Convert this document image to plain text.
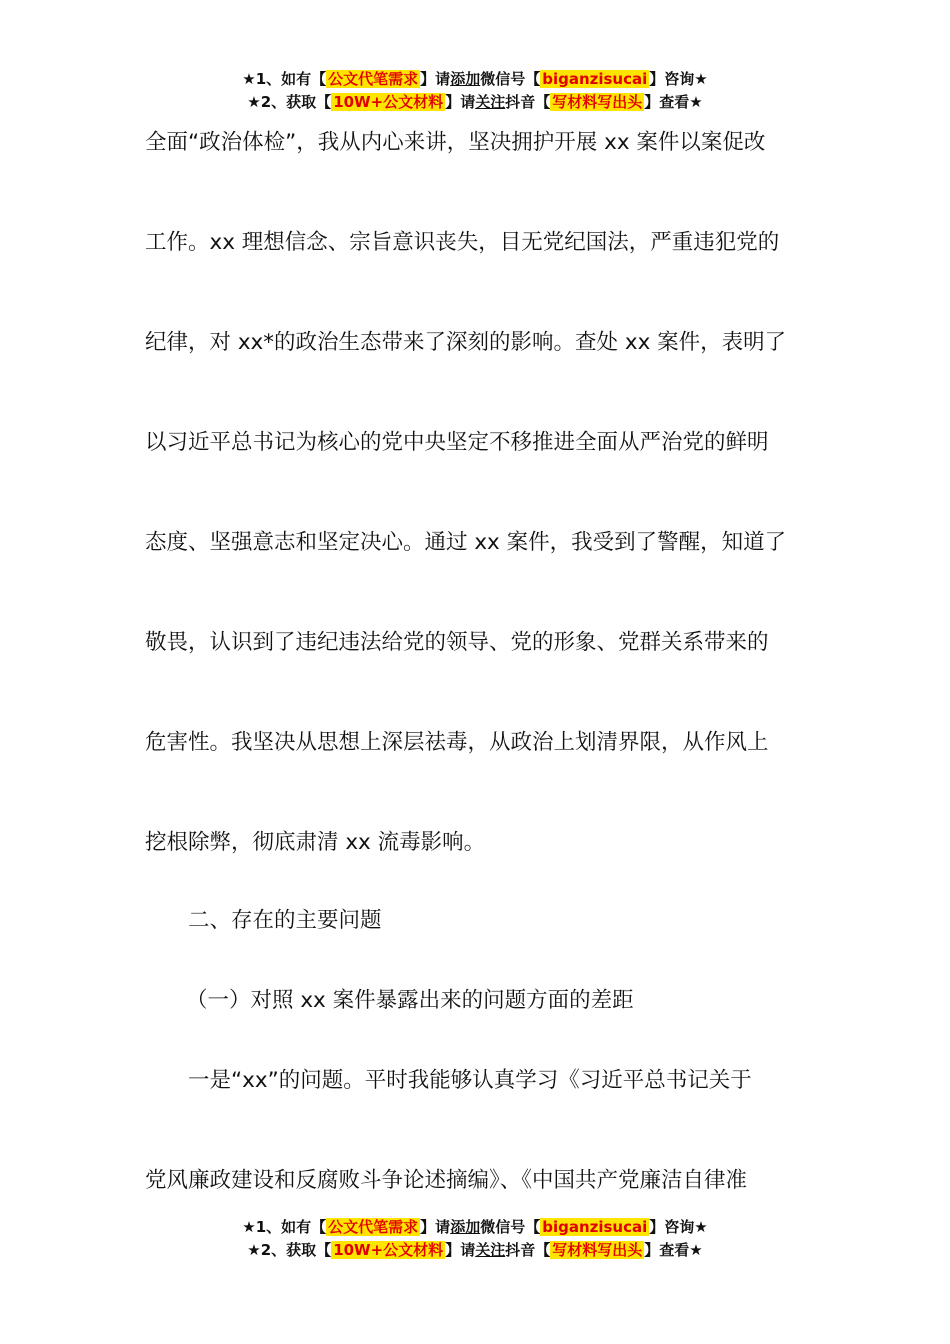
★1、如有【 公文代笔需求 】请添加微信号【 biganzisucai 】咨询★
★2、获取【 10W+公文材料 】请关注抖音【 写材料写出头 】查看★
全面“政治体检”，我从内心来讲，坚决拥护开展 xx 案件以案促改
工作。xx 理想信念、宗旨意识丧失，目无党纪国法，严重违犯党的
纪律，对 xx*的政治生态带来了深刻的影响。查处 xx 案件，表明了
以习近平总书记为核心的党中央坚定不移推进全面从严治党的鲜明
态度、坚强意志和坚定决心。通过 xx 案件，我受到了警醒，知道了
敬畏，认识到了违纪违法给党的领导、党的形象、党群关系带来的
危害性。我坚决从思想上深层祛毒，从政治上划清界限，从作风上
挖根除弊，彻底肃清 xx 流毒影响。
二、存在的主要问题
（一）对照 xx 案件暴露出来的问题方面的差距
一是“xx”的问题。平时我能够认真学习《习近平总书记关于
党风廉政建设和反腐败斗争论述摘编》、《中国共产党廉洁自律准
★1、如有【 公文代笔需求 】请添加微信号【 biganzisucai 】咨询★
★2、获取【 10W+公文材料 】请关注抖音【 写材料写出头 】查看★
